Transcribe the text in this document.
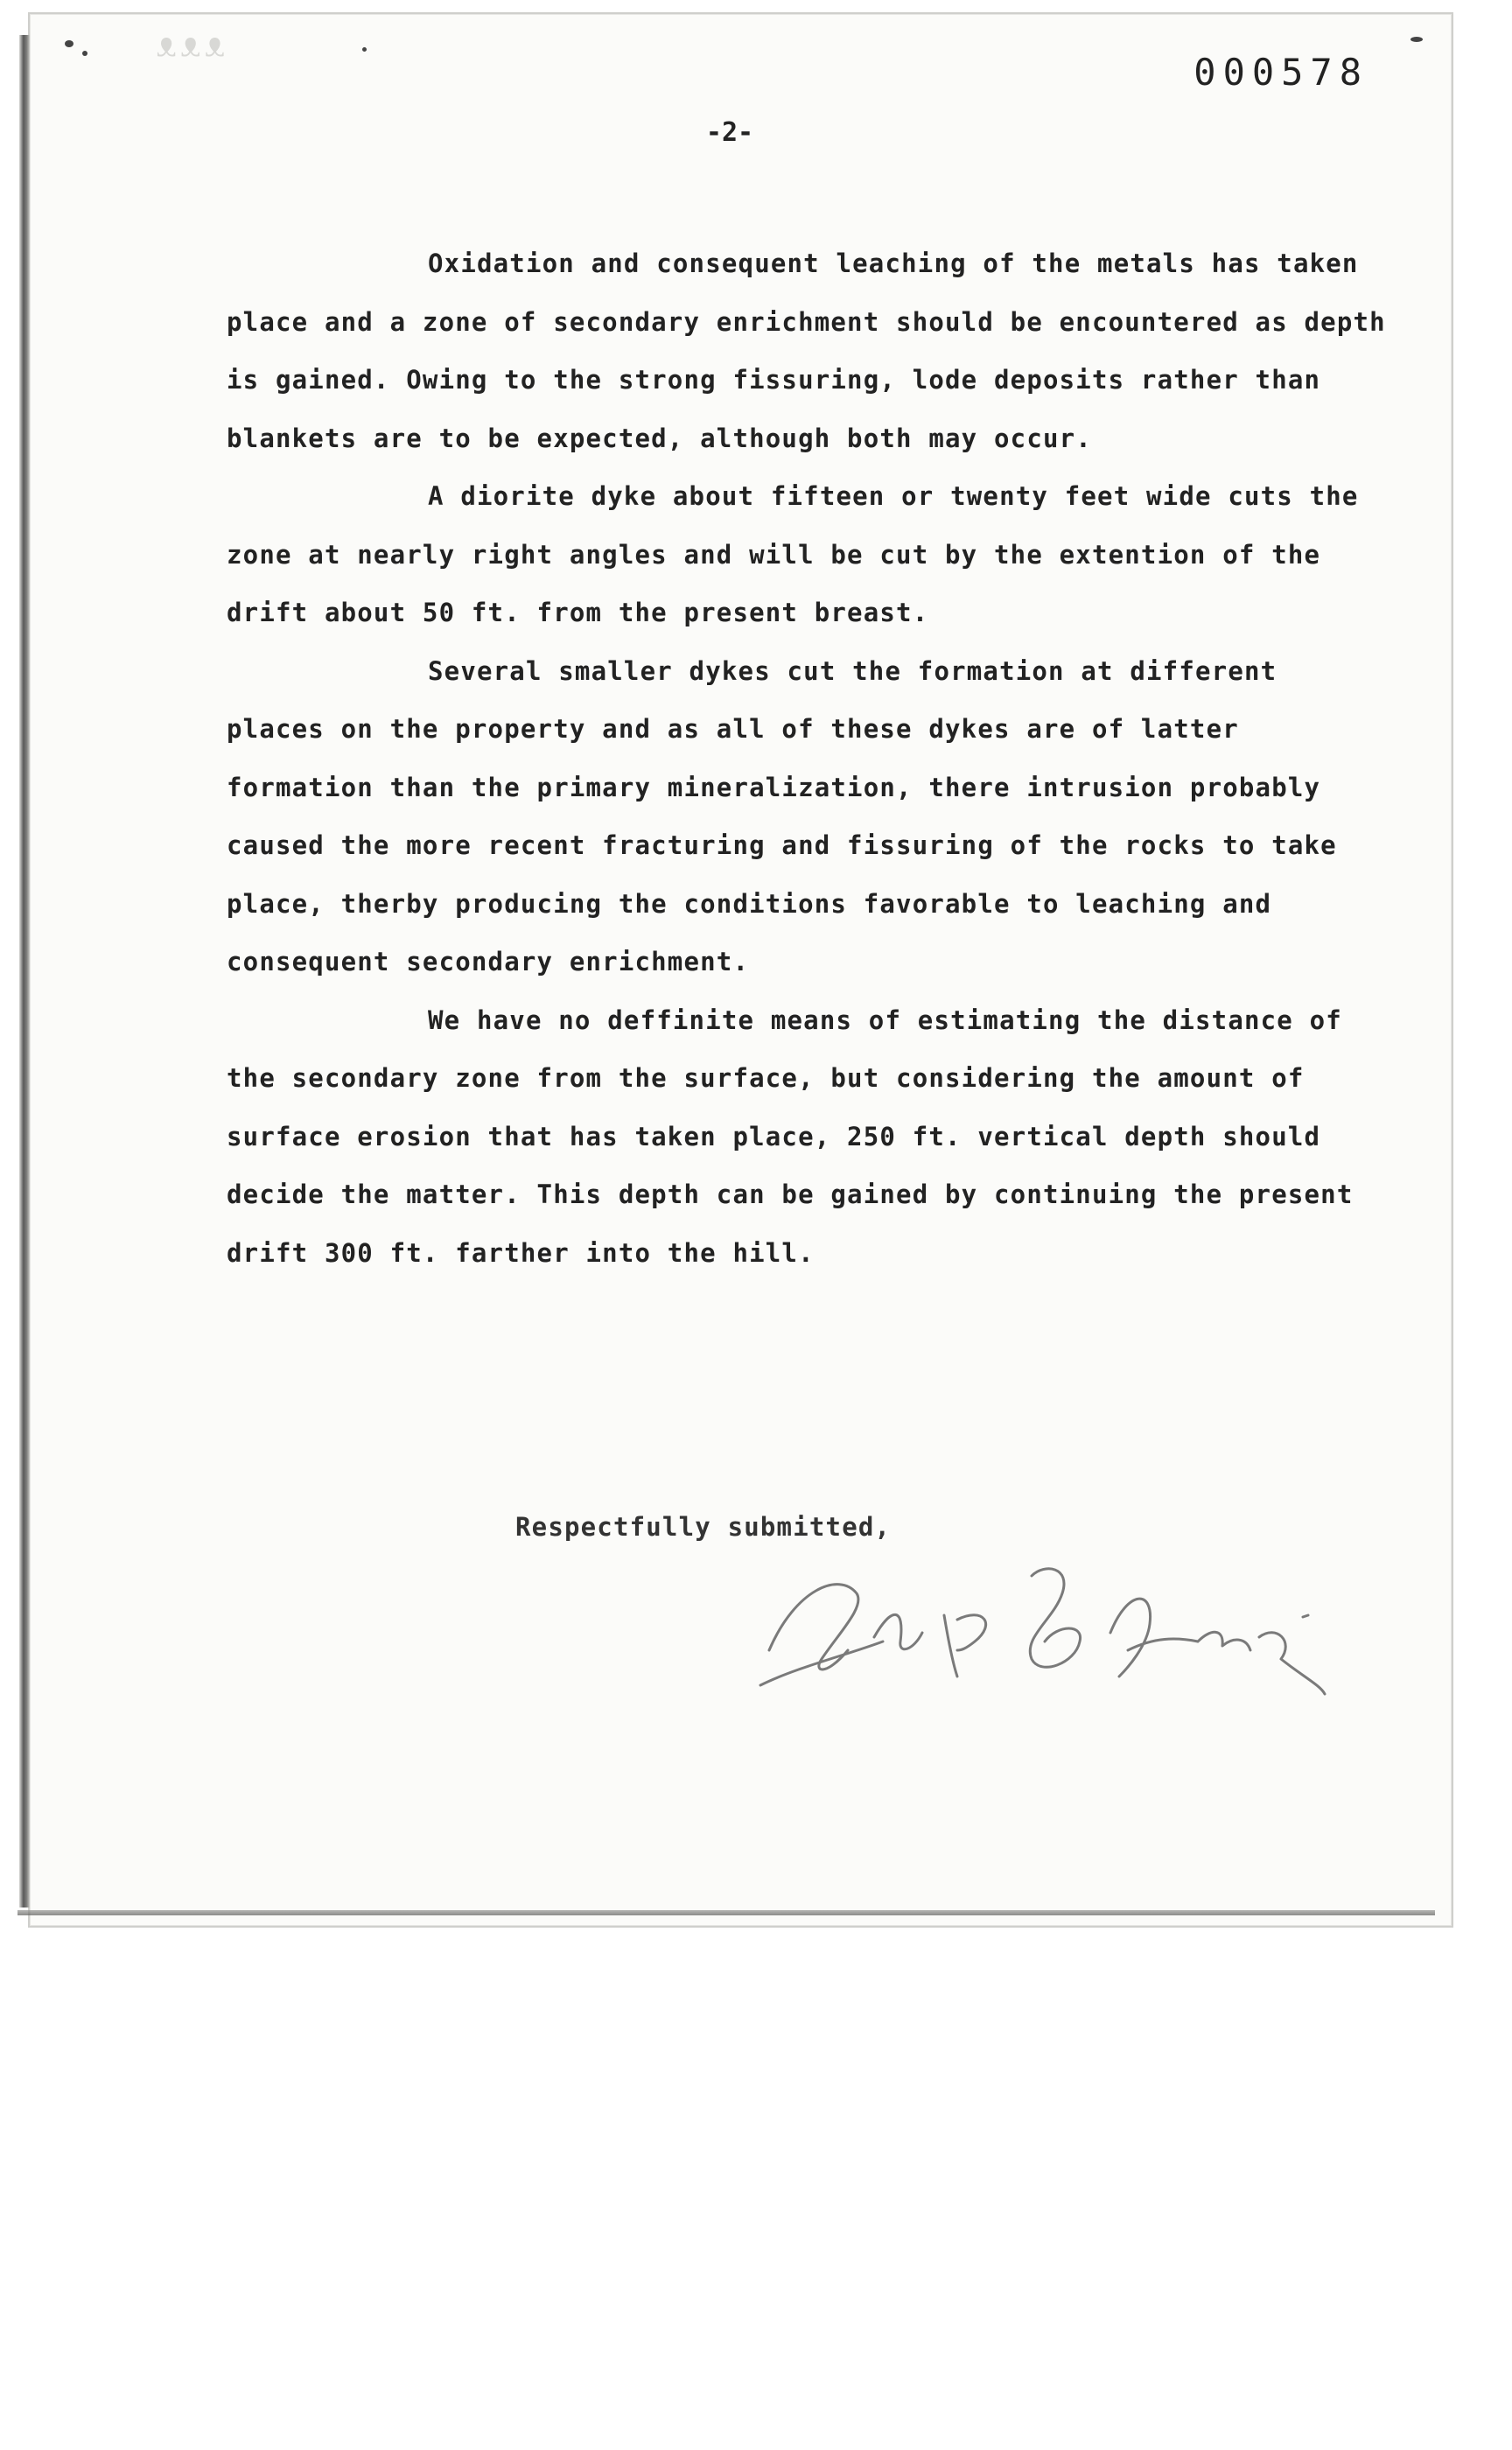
ᴥᴥᴥ
000578
-2-

Oxidation and consequent leaching of the metals has taken place and a zone of secondary enrichment should be encountered as depth is gained. Owing to the strong fissuring, lode deposits rather than blankets are to be expected, although both may occur.

A diorite dyke about fifteen or twenty feet wide cuts the zone at nearly right angles and will be cut by the extention of the drift about 50 ft. from the present breast.

Several smaller dykes cut the formation at different places on the property and as all of these dykes are of latter formation than the primary mineralization, there intrusion probably caused the more recent fracturing and fissuring of the rocks to take place, therby producing the conditions favorable to leaching and consequent secondary enrichment.

We have no deffinite means of estimating the distance of the secondary zone from the surface, but considering the amount of surface erosion that has taken place, 250 ft. vertical depth should decide the matter. This depth can be gained by continuing the present drift 300 ft. farther into the hill.

Respectfully submitted,
